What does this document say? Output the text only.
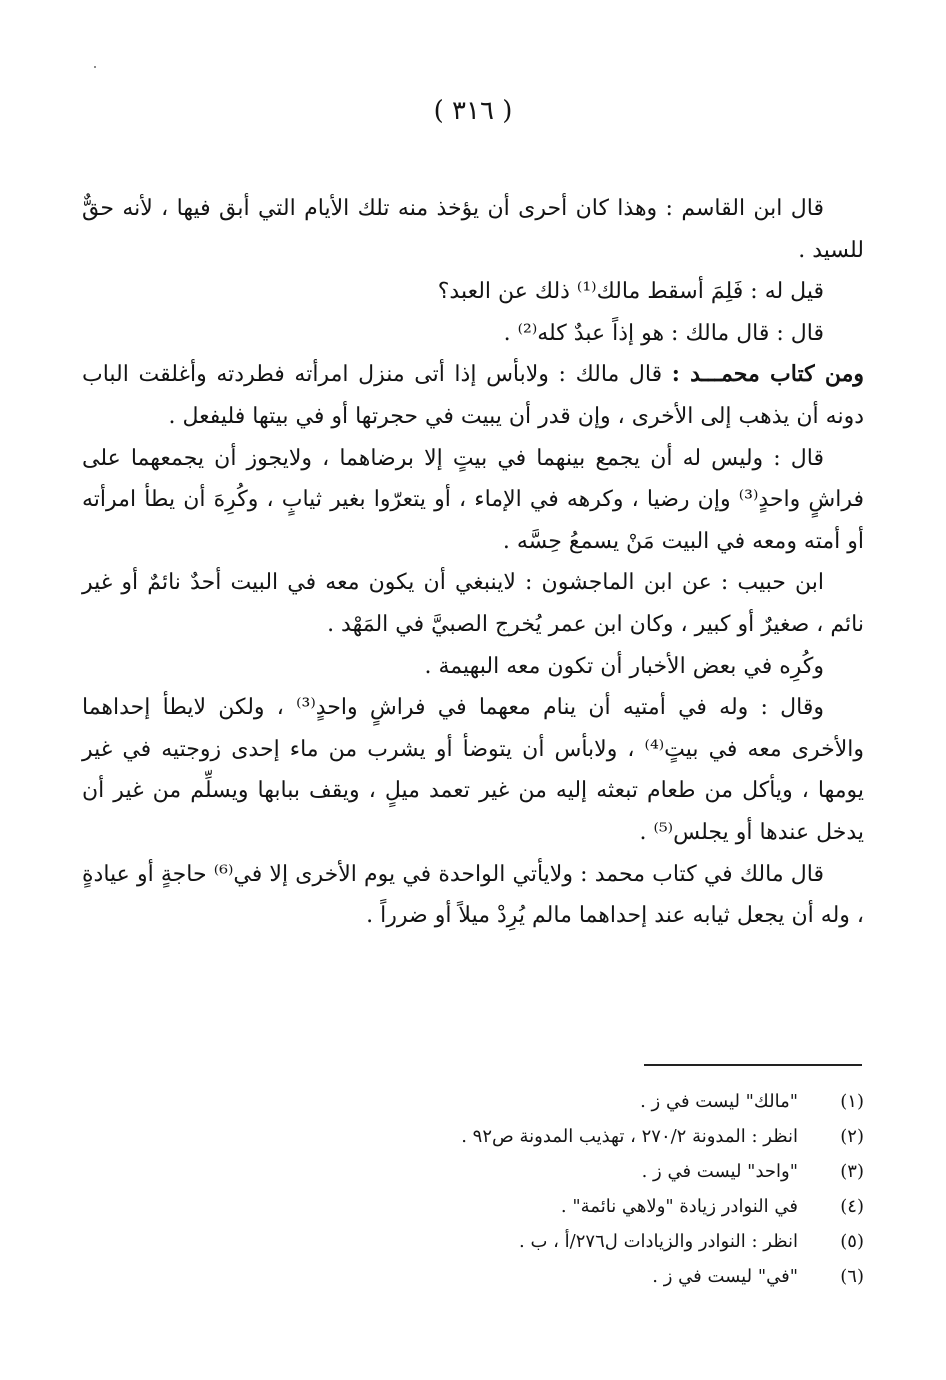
( ٣١٦ )

قال ابن القاسم : وهذا كان أحرى أن يؤخذ منه تلك الأيام التي أبق فيها ، لأنه حقٌّ للسيد .

قيل له : فَلِمَ أسقط مالك⁽¹⁾ ذلك عن العبد؟

قال : قال مالك : هو إذاً عبدٌ كله⁽²⁾ .

ومن كتاب محمـــد : قال مالك : ولابأس إذا أتى منزل امرأته فطردته وأغلقت الباب دونه أن يذهب إلى الأخرى ، وإن قدر أن يبيت في حجرتها أو في بيتها فليفعل .

قال : وليس له أن يجمع بينهما في بيتٍ إلا برضاهما ، ولايجوز أن يجمعهما على فراشٍ واحدٍ⁽³⁾ وإن رضيا ، وكرهه في الإماء ، أو يتعرّوا بغير ثيابٍ ، وكُرِهَ أن يطأ امرأته أو أمته ومعه في البيت مَنْ يسمعُ حِسَّه .

ابن حبيب : عن ابن الماجشون : لاينبغي أن يكون معه في البيت أحدٌ نائمٌ أو غير نائم ، صغيرٌ أو كبير ، وكان ابن عمر يُخرج الصبيَّ في المَهْد .

وكُرِه في بعض الأخبار أن تكون معه البهيمة .

وقال : وله في أمتيه أن ينام معهما في فراشٍ واحدٍ⁽³⁾ ، ولكن لايطأ إحداهما والأخرى معه في بيتٍ⁽⁴⁾ ، ولابأس أن يتوضأ أو يشرب من ماء إحدى زوجتيه في غير يومها ، ويأكل من طعام تبعثه إليه من غير تعمد ميلٍ ، ويقف ببابها ويسلِّم من غير أن يدخل عندها أو يجلس⁽⁵⁾ .

قال مالك في كتاب محمد : ولايأتي الواحدة في يوم الأخرى إلا في⁽⁶⁾ حاجةٍ أو عيادةٍ ، وله أن يجعل ثيابه عند إحداهما مالم يُرِدْ ميلاً أو ضرراً .

(١)
"مالك" ليست في ز .
(٢)
انظر : المدونة ٢٧٠/٢ ، تهذيب المدونة ص٩٢ .
(٣)
"واحد" ليست في ز .
(٤)
في النوادر زيادة "ولاهي نائمة" .
(٥)
انظر : النوادر والزيادات ل٢٧٦/أ ، ب .
(٦)
"في" ليست في ز .
